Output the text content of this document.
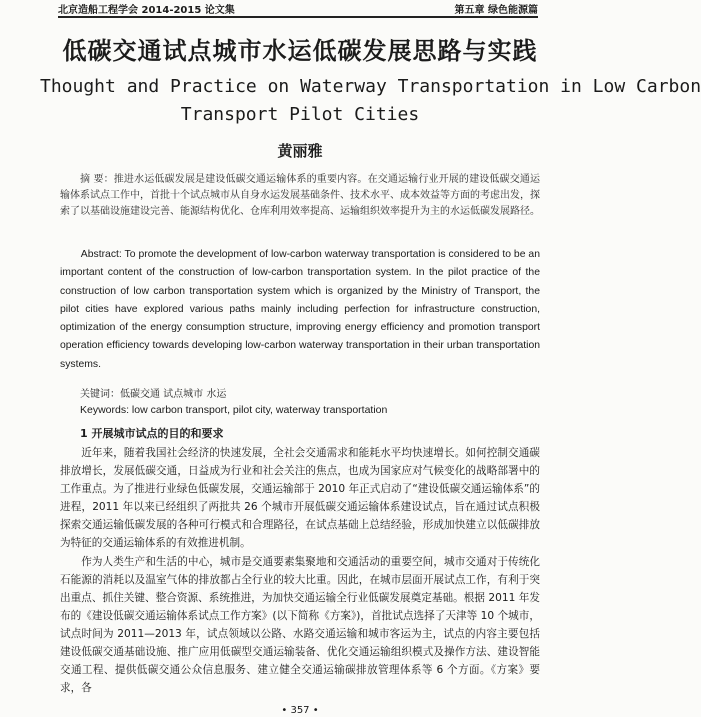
北京造船工程学会 2014-2015 论文集	第五章 绿色能源篇
低碳交通试点城市水运低碳发展思路与实践
Thought and Practice on Waterway Transportation in Low Carbon
Transport Pilot Cities
黄丽雅
摘 要：推进水运低碳发展是建设低碳交通运输体系的重要内容。在交通运输行业开展的建设低碳交通运输体系试点工作中，首批十个试点城市从自身水运发展基础条件、技术水平、成本效益等方面的考虑出发，探索了以基础设施建设完善、能源结构优化、仓库利用效率提高、运输组织效率提升为主的水运低碳发展路径。
Abstract: To promote the development of low-carbon waterway transportation is considered to be an important content of the construction of low-carbon transportation system. In the pilot practice of the construction of low carbon transportation system which is organized by the Ministry of Transport, the pilot cities have explored various paths mainly including perfection for infrastructure construction, optimization of the energy consumption structure, improving energy efficiency and promotion transport operation efficiency towards developing low-carbon waterway transportation in their urban transportation systems.
关键词：低碳交通 试点城市 水运
Keywords: low carbon transport, pilot city, waterway transportation
1 开展城市试点的目的和要求

近年来，随着我国社会经济的快速发展，全社会交通需求和能耗水平均快速增长。如何控制交通碳排放增长，发展低碳交通，日益成为行业和社会关注的焦点，也成为国家应对气候变化的战略部署中的工作重点。为了推进行业绿色低碳发展，交通运输部于 2010 年正式启动了“建设低碳交通运输体系”的进程，2011 年以来已经组织了两批共 26 个城市开展低碳交通运输体系建设试点，旨在通过试点积极探索交通运输低碳发展的各种可行模式和合理路径，在试点基础上总结经验，形成加快建立以低碳排放为特征的交通运输体系的有效推进机制。

作为人类生产和生活的中心，城市是交通要素集聚地和交通活动的重要空间，城市交通对于传统化石能源的消耗以及温室气体的排放都占全行业的较大比重。因此，在城市层面开展试点工作，有利于突出重点、抓住关键、整合资源、系统推进，为加快交通运输全行业低碳发展奠定基础。根据 2011 年发布的《建设低碳交通运输体系试点工作方案》(以下简称《方案》)，首批试点选择了天津等 10 个城市，试点时间为 2011—2013 年，试点领域以公路、水路交通运输和城市客运为主，试点的内容主要包括建设低碳交通基础设施、推广应用低碳型交通运输装备、优化交通运输组织模式及操作方法、建设智能交通工程、提供低碳交通公众信息服务、建立健全交通运输碳排放管理体系等 6 个方面。《方案》要求，各

• 357 •
